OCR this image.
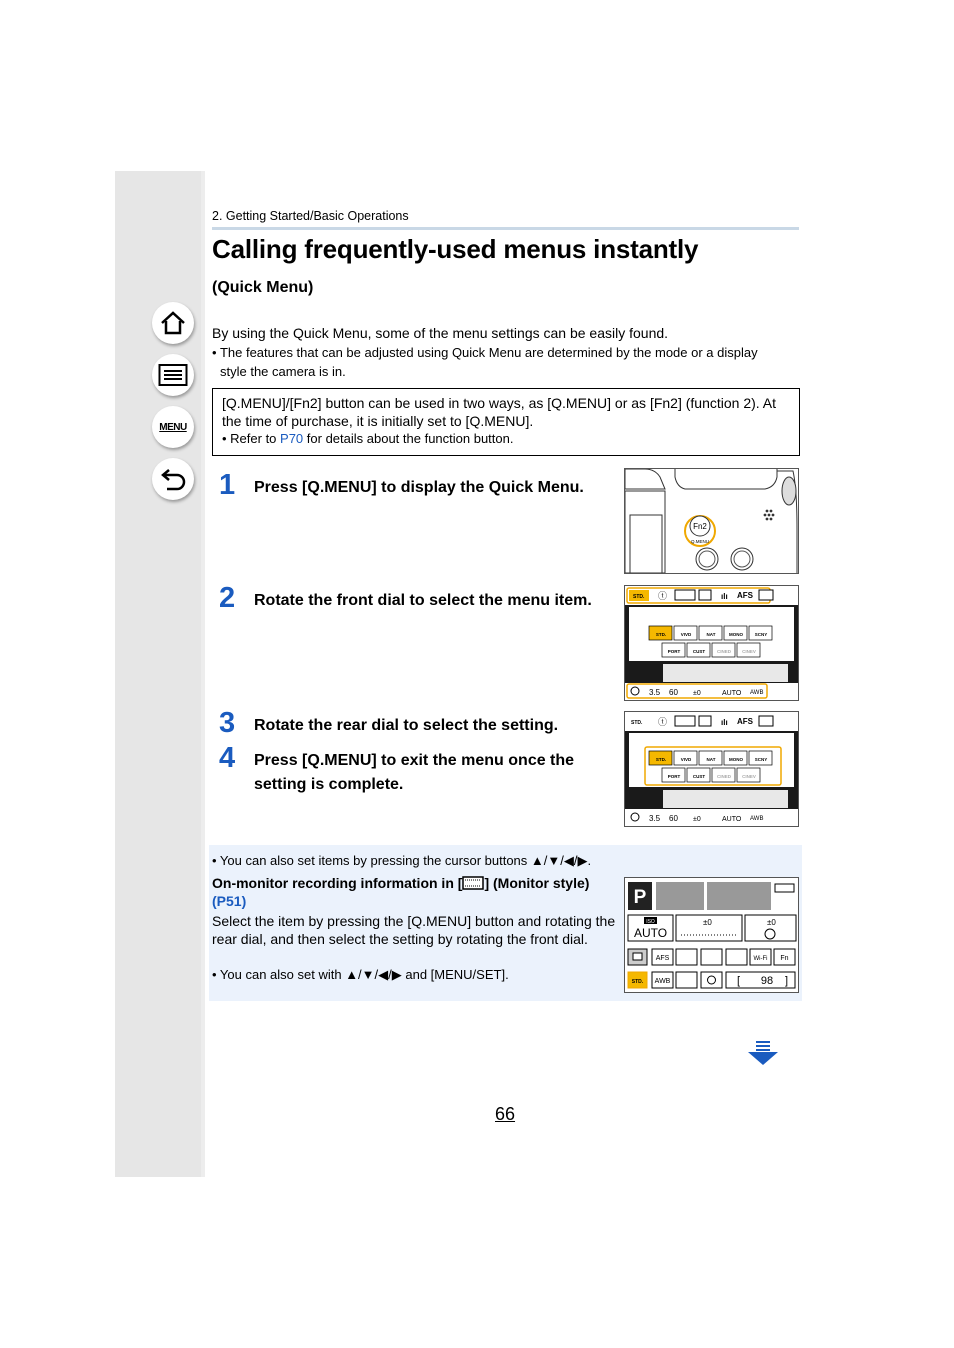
MENU
2. Getting Started/Basic Operations
Calling frequently-used menus instantly
(Quick Menu)
By using the Quick Menu, some of the menu settings can be easily found.
• The features that can be adjusted using Quick Menu are determined by the mode or a display
style the camera is in.
[Q.MENU]/[Fn2] button can be used in two ways, as [Q.MENU] or as [Fn2] (function 2). At the time of purchase, it is initially set to [Q.MENU].
• Refer to P70 for details about the function button.
1 Press [Q.MENU] to display the Quick Menu.
2 Rotate the front dial to select the menu item.
3 Rotate the rear dial to select the setting.
4 Press [Q.MENU] to exit the menu once the
setting is complete.
Fn2
Q.MENU
STD. ⓣ	ılı AFS
STD.	VIVD	NAT	MONO	SCNY
PORT	CUST	CINED CINEV
3.5 60 ±0	AUTO AWB
STD. ⓣ	ılı AFS
STD.	VIVD	NAT	MONO	SCNY
PORT	CUST	CINED CINEV
3.5 60 ±0	AUTO AWB
• You can also set items by pressing the cursor buttons ▲/▼/◀/▶.
On-monitor recording information in [ ] (Monitor style)
(P51)
Select the item by pressing the [Q.MENU] button and rotating the rear dial, and then select the setting by rotating the front dial.
• You can also set with ▲/▼/◀/▶ and [MENU/SET].
P
ISO
AUTO
±0	±0
AFS	Wi-Fi Fn
STD. AWB	[	]
98
66
